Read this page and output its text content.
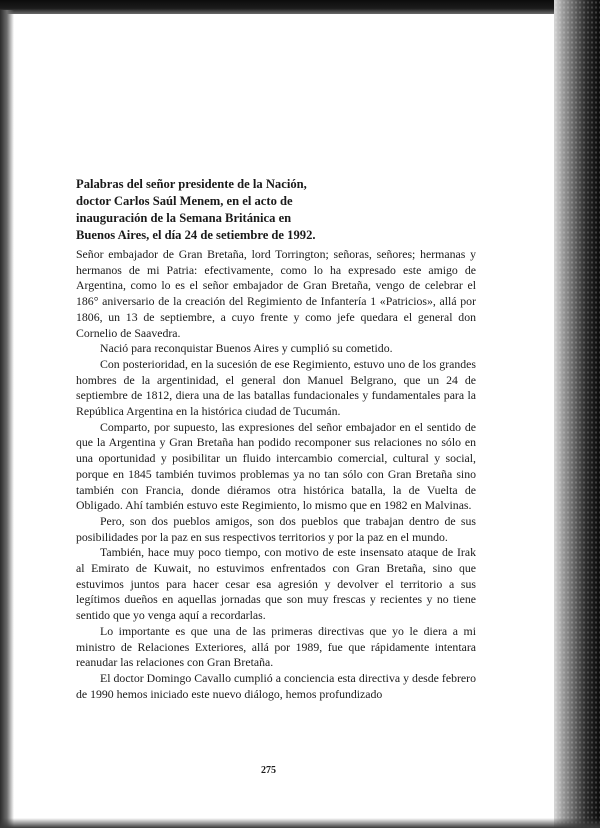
Palabras del señor presidente de la Nación,
doctor Carlos Saúl Menem, en el acto de
inauguración de la Semana Británica en
Buenos Aires, el día 24 de setiembre de 1992.

Señor embajador de Gran Bretaña, lord Torrington; señoras, señores; hermanas y hermanos de mi Patria: efectivamente, como lo ha expresado este amigo de Argentina, como lo es el señor embajador de Gran Bretaña, vengo de celebrar el 186° aniversario de la creación del Regimiento de Infantería 1 «Patricios», allá por 1806, un 13 de septiembre, a cuyo frente y como jefe quedara el general don Cornelio de Saavedra.

Nació para reconquistar Buenos Aires y cumplió su cometido.

Con posterioridad, en la sucesión de ese Regimiento, estuvo uno de los grandes hombres de la argentinidad, el general don Manuel Belgrano, que un 24 de septiembre de 1812, diera una de las batallas fundacionales y fundamentales para la República Argentina en la histórica ciudad de Tucumán.

Comparto, por supuesto, las expresiones del señor embajador en el sentido de que la Argentina y Gran Bretaña han podido recomponer sus relaciones no sólo en una oportunidad y posibilitar un fluido intercambio comercial, cultural y social, porque en 1845 también tuvimos problemas ya no tan sólo con Gran Bretaña sino también con Francia, donde diéramos otra histórica batalla, la de Vuelta de Obligado. Ahí también estuvo este Regimiento, lo mismo que en 1982 en Malvinas.

Pero, son dos pueblos amigos, son dos pueblos que trabajan dentro de sus posibilidades por la paz en sus respectivos territorios y por la paz en el mundo.

También, hace muy poco tiempo, con motivo de este insensato ataque de Irak al Emirato de Kuwait, no estuvimos enfrentados con Gran Bretaña, sino que estuvimos juntos para hacer cesar esa agresión y devolver el territorio a sus legítimos dueños en aquellas jornadas que son muy frescas y recientes y no tiene sentido que yo venga aquí a recordarlas.

Lo importante es que una de las primeras directivas que yo le diera a mi ministro de Relaciones Exteriores, allá por 1989, fue que rápidamente intentara reanudar las relaciones con Gran Bretaña.

El doctor Domingo Cavallo cumplió a conciencia esta directiva y desde febrero de 1990 hemos iniciado este nuevo diálogo, hemos profundizado

275
